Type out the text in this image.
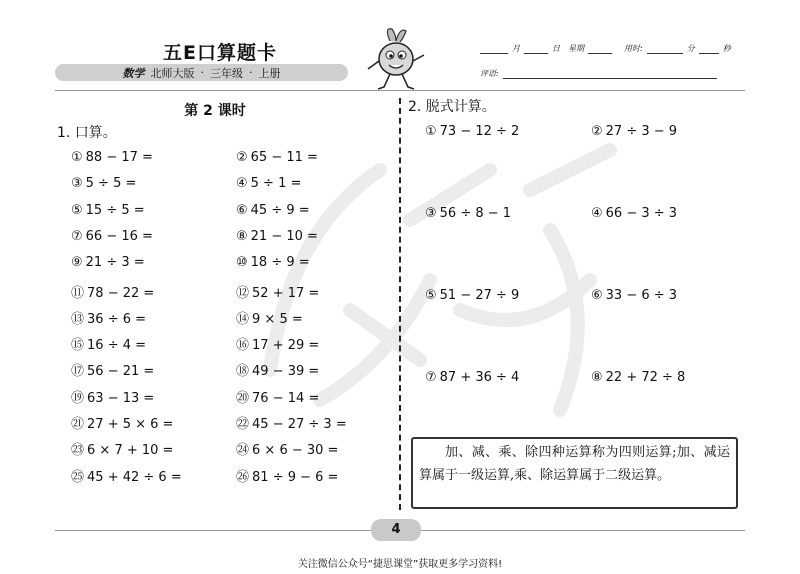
五E口算题卡
数学 北师大版 · 三年级 · 上册
月	日 星期	用时:	分	秒
评语:
第 2 课时
1. 口算。
① 88 − 17 =	② 65 − 11 =
③ 5 ÷ 5 =	④ 5 ÷ 1 =
⑤ 15 ÷ 5 =	⑥ 45 ÷ 9 =
⑦ 66 − 16 =	⑧ 21 − 10 =
⑨ 21 ÷ 3 =	⑩ 18 ÷ 9 =
⑪ 78 − 22 =	⑫ 52 + 17 =
⑬ 36 ÷ 6 =	⑭ 9 × 5 =
⑮ 16 ÷ 4 =	⑯ 17 + 29 =
⑰ 56 − 21 =	⑱ 49 − 39 =
⑲ 63 − 13 =	⑳ 76 − 14 =
㉑ 27 + 5 × 6 =	㉒ 45 − 27 ÷ 3 =
㉓ 6 × 7 + 10 =	㉔ 6 × 6 − 30 =
㉕ 45 + 42 ÷ 6 =	㉖ 81 ÷ 9 − 6 =
2. 脱式计算。
① 73 − 12 ÷ 2	② 27 ÷ 3 − 9
③ 56 ÷ 8 − 1	④ 66 − 3 ÷ 3
⑤ 51 − 27 ÷ 9	⑥ 33 − 6 ÷ 3
⑦ 87 + 36 ÷ 4	⑧ 22 + 72 ÷ 8
加、减、乘、除四种运算称为四则运算;加、减运算属于一级运算,乘、除运算属于二级运算。
4
关注微信公众号“捷思课堂”获取更多学习资料!
